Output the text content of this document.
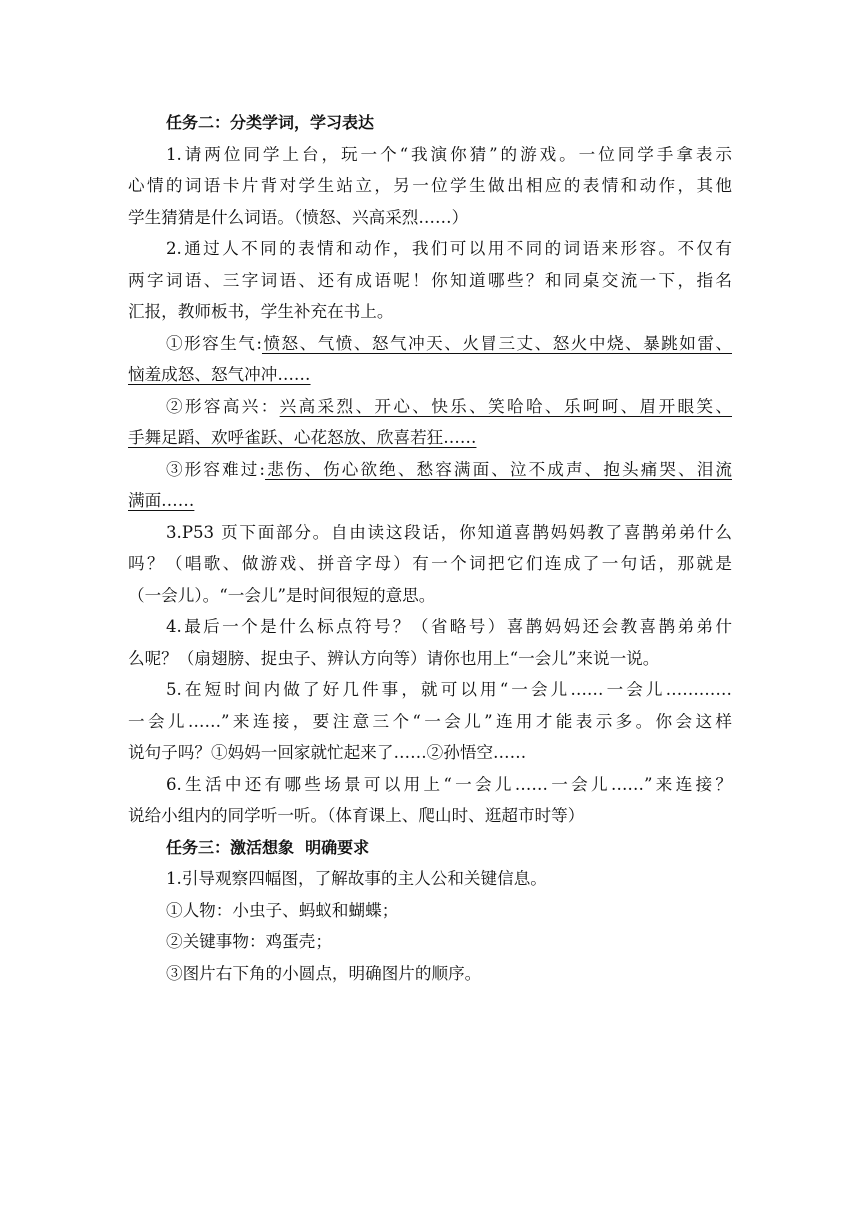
任务二：分类学词，学习表达
1.请两位同学上台，玩一个“我演你猜”的游戏。一位同学手拿表示
心情的词语卡片背对学生站立，另一位学生做出相应的表情和动作，其他
学生猜猜是什么词语。（愤怒、兴高采烈……）
2.通过人不同的表情和动作，我们可以用不同的词语来形容。不仅有
两字词语、三字词语、还有成语呢！你知道哪些？和同桌交流一下，指名
汇报，教师板书，学生补充在书上。
①形容生气:愤怒、气愤、怒气冲天、火冒三丈、怒火中烧、暴跳如雷、
恼羞成怒、怒气冲冲……
②形容高兴：兴高采烈、开心、快乐、笑哈哈、乐呵呵、眉开眼笑、
手舞足蹈、欢呼雀跃、心花怒放、欣喜若狂……
③形容难过:悲伤、伤心欲绝、愁容满面、泣不成声、抱头痛哭、泪流
满面……
3.P53 页下面部分。自由读这段话，你知道喜鹊妈妈教了喜鹊弟弟什么
吗？（唱歌、做游戏、拼音字母）有一个词把它们连成了一句话，那就是
（一会儿）。“一会儿”是时间很短的意思。
4.最后一个是什么标点符号？（省略号）喜鹊妈妈还会教喜鹊弟弟什
么呢？（扇翅膀、捉虫子、辨认方向等）请你也用上“一会儿”来说一说。
5.在短时间内做了好几件事，就可以用“一会儿……一会儿…………
一会儿……”来连接，要注意三个“一会儿”连用才能表示多。你会这样
说句子吗？①妈妈一回家就忙起来了……②孙悟空……
6.生活中还有哪些场景可以用上“一会儿……一会儿……”来连接？
说给小组内的同学听一听。（体育课上、爬山时、逛超市时等）
任务三：激活想象  明确要求
1.引导观察四幅图，了解故事的主人公和关键信息。
①人物：小虫子、蚂蚁和蝴蝶；
②关键事物：鸡蛋壳；
③图片右下角的小圆点，明确图片的顺序。
